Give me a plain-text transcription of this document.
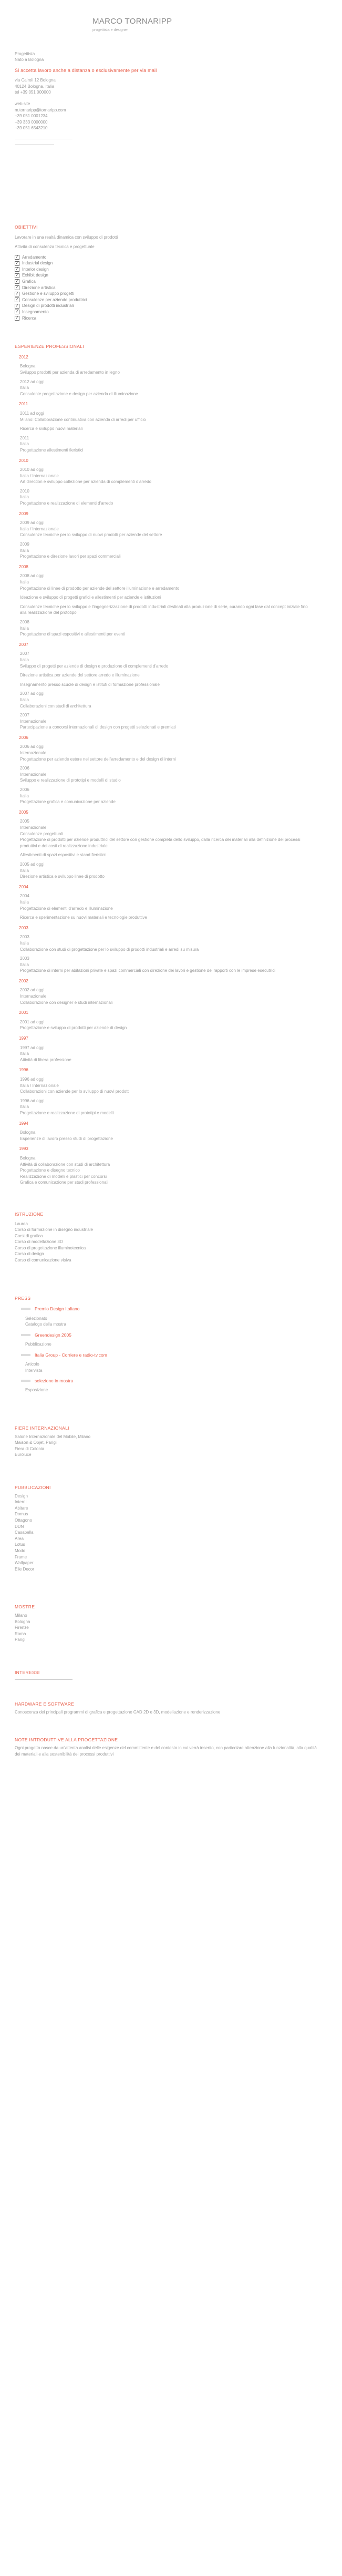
MARCO TORNARIPP
progettista e designer
Progettista
Nato a Bologna
Si accetta lavoro anche a distanza o esclusivamente per via mail
via Cairoli 12 Bologna
40124 Bologna, Italia
tel +39 051 000000
web site
m.tornaripp@tornaripp.com
+39 051 0001234
+39 333 0000000
+39 051 6543210
OBIETTIVI
Lavorare in una realtà dinamica con sviluppo di prodotti
Attività di consulenza tecnica e progettuale
✓
Arredamento
✓
Industrial design
✓
Interior design
✓
Exhibit design
✓
Grafica
✓
Direzione artistica
✓
Gestione e sviluppo progetti
✓
Consulenze per aziende produttrici
✓
Design di prodotti industriali
✓
Insegnamento
✓
Ricerca
ESPERIENZE PROFESSIONALI
2012
Bologna
Sviluppo prodotti per azienda di arredamento in legno
2012 ad oggi
Italia
Consulente progettazione e design per azienda di illuminazione
2011
2011 ad oggi
Milano: Collaborazione continuativa con azienda di arredi per ufficio
Ricerca e sviluppo nuovi materiali
2011
Italia
Progettazione allestimenti fieristici
2010
2010 ad oggi
Italia / Internazionale
Art direction e sviluppo collezione per azienda di complementi d'arredo
2010
Italia
Progettazione e realizzazione di elementi d'arredo
2009
2009 ad oggi
Italia / Internazionale
Consulenze tecniche per lo sviluppo di nuovi prodotti per aziende del settore
2009
Italia
Progettazione e direzione lavori per spazi commerciali
2008
2008 ad oggi
Italia
Progettazione di linee di prodotto per aziende del settore illuminazione e arredamento
Ideazione e sviluppo di progetti grafici e allestimenti per aziende e istituzioni
Consulenze tecniche per lo sviluppo e l'ingegnerizzazione di prodotti industriali destinati alla produzione di serie, curando ogni fase dal concept iniziale fino alla realizzazione del prototipo
2008
Italia
Progettazione di spazi espositivi e allestimenti per eventi
2007
2007
Italia
Sviluppo di progetti per aziende di design e produzione di complementi d'arredo
Direzione artistica per aziende del settore arredo e illuminazione
Insegnamento presso scuole di design e istituti di formazione professionale
2007 ad oggi
Italia
Collaborazioni con studi di architettura
2007
Internazionale
Partecipazione a concorsi internazionali di design con progetti selezionati e premiati
2006
2006 ad oggi
Internazionale
Progettazione per aziende estere nel settore dell'arredamento e del design di interni
2006
Internazionale
Sviluppo e realizzazione di prototipi e modelli di studio
2006
Italia
Progettazione grafica e comunicazione per aziende
2005
2005
Internazionale
Consulenze progettuali
Progettazione di prodotti per aziende produttrici del settore con gestione completa dello sviluppo, dalla ricerca dei materiali alla definizione dei processi produttivi e dei costi di realizzazione industriale
Allestimenti di spazi espositivi e stand fieristici
2005 ad oggi
Italia
Direzione artistica e sviluppo linee di prodotto
2004
2004
Italia
Progettazione di elementi d'arredo e illuminazione
Ricerca e sperimentazione su nuovi materiali e tecnologie produttive
2003
2003
Italia
Collaborazione con studi di progettazione per lo sviluppo di prodotti industriali e arredi su misura
2003
Italia
Progettazione di interni per abitazioni private e spazi commerciali con direzione dei lavori e gestione dei rapporti con le imprese esecutrici
2002
2002 ad oggi
Internazionale
Collaborazione con designer e studi internazionali
2001
2001 ad oggi
Progettazione e sviluppo di prodotti per aziende di design
1997
1997 ad oggi
Italia
Attività di libera professione
1996
1996 ad oggi
Italia / Internazionale
Collaborazioni con aziende per lo sviluppo di nuovi prodotti
1996 ad oggi
Italia
Progettazione e realizzazione di prototipi e modelli
1994
Bologna
Esperienze di lavoro presso studi di progettazione
1993
Bologna
Attività di collaborazione con studi di architettura
Progettazione e disegno tecnico
Realizzazione di modelli e plastici per concorsi
Grafica e comunicazione per studi professionali
ISTRUZIONE
Laurea
Corso di formazione in disegno industriale
Corsi di grafica
Corso di modellazione 3D
Corso di progettazione illuminotecnica
Corso di design
Corso di comunicazione visiva
PRESS
Premio Design Italiano
Selezionato
Catalogo della mostra
Greendesign 2005
Pubblicazione
Italia Group - Corriere e radio-tv.com
Articolo
Intervista
selezione in mostra
Esposizione
FIERE INTERNAZIONALI
Salone Internazionale del Mobile, Milano
Maison & Objet, Parigi
Fiera di Colonia
Euroluce
PUBBLICAZIONI
Design
Interni
Abitare
Domus
Ottagono
DDN
Casabella
Area
Lotus
Modo
Frame
Wallpaper
Elle Decor
MOSTRE
Milano
Bologna
Firenze
Roma
Parigi
INTERESSI
HARDWARE E SOFTWARE
Conoscenza dei principali programmi di grafica e progettazione CAD 2D e 3D, modellazione e renderizzazione
NOTE INTRODUTTIVE ALLA PROGETTAZIONE
Ogni progetto nasce da un'attenta analisi delle esigenze del committente e del contesto in cui verrà inserito, con particolare attenzione alla funzionalità, alla qualità dei materiali e alla sostenibilità dei processi produttivi
